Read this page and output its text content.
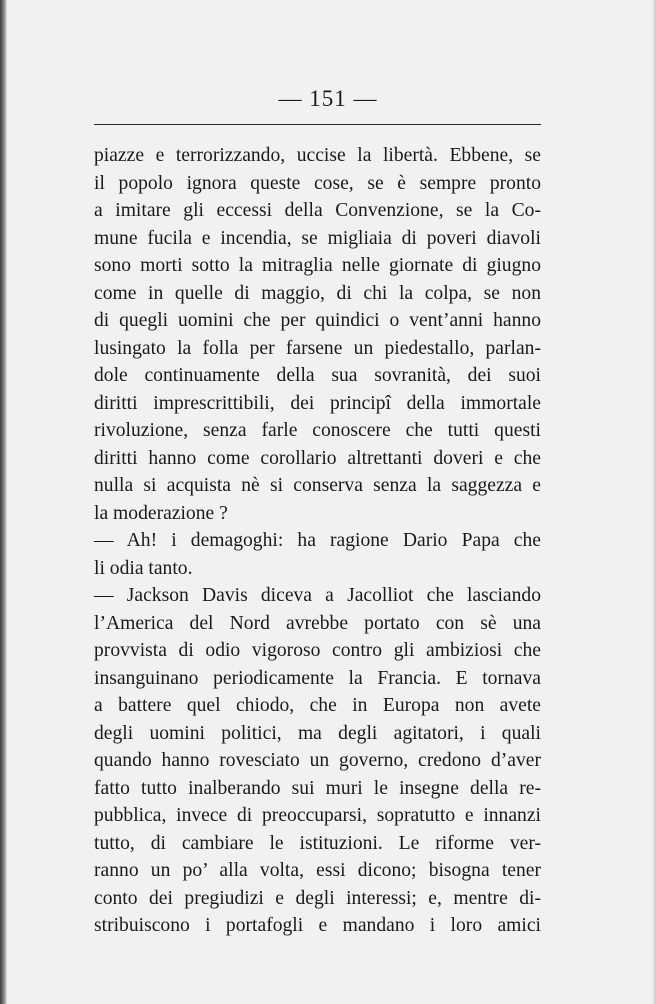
— 151 —
piazze e terrorizzando, uccise la libertà. Ebbene, se
il popolo ignora queste cose, se è sempre pronto
a imitare gli eccessi della Convenzione, se la Co-
mune fucila e incendia, se migliaia di poveri diavoli
sono morti sotto la mitraglia nelle giornate di giugno
come in quelle di maggio, di chi la colpa, se non
di quegli uomini che per quindici o vent’anni hanno
lusingato la folla per farsene un piedestallo, parlan-
dole continuamente della sua sovranità, dei suoi
diritti imprescrittibili, dei principî della immortale
rivoluzione, senza farle conoscere che tutti questi
diritti hanno come corollario altrettanti doveri e che
nulla si acquista nè si conserva senza la saggezza e
la moderazione ?
— Ah! i demagoghi: ha ragione Dario Papa che
li odia tanto.
— Jackson Davis diceva a Jacolliot che lasciando
l’America del Nord avrebbe portato con sè una
provvista di odio vigoroso contro gli ambiziosi che
insanguinano periodicamente la Francia. E tornava
a battere quel chiodo, che in Europa non avete
degli uomini politici, ma degli agitatori, i quali
quando hanno rovesciato un governo, credono d’aver
fatto tutto inalberando sui muri le insegne della re-
pubblica, invece di preoccuparsi, sopratutto e innanzi
tutto, di cambiare le istituzioni. Le riforme ver-
ranno un po’ alla volta, essi dicono; bisogna tener
conto dei pregiudizi e degli interessi; e, mentre di-
stribuiscono i portafogli e mandano i loro amici
